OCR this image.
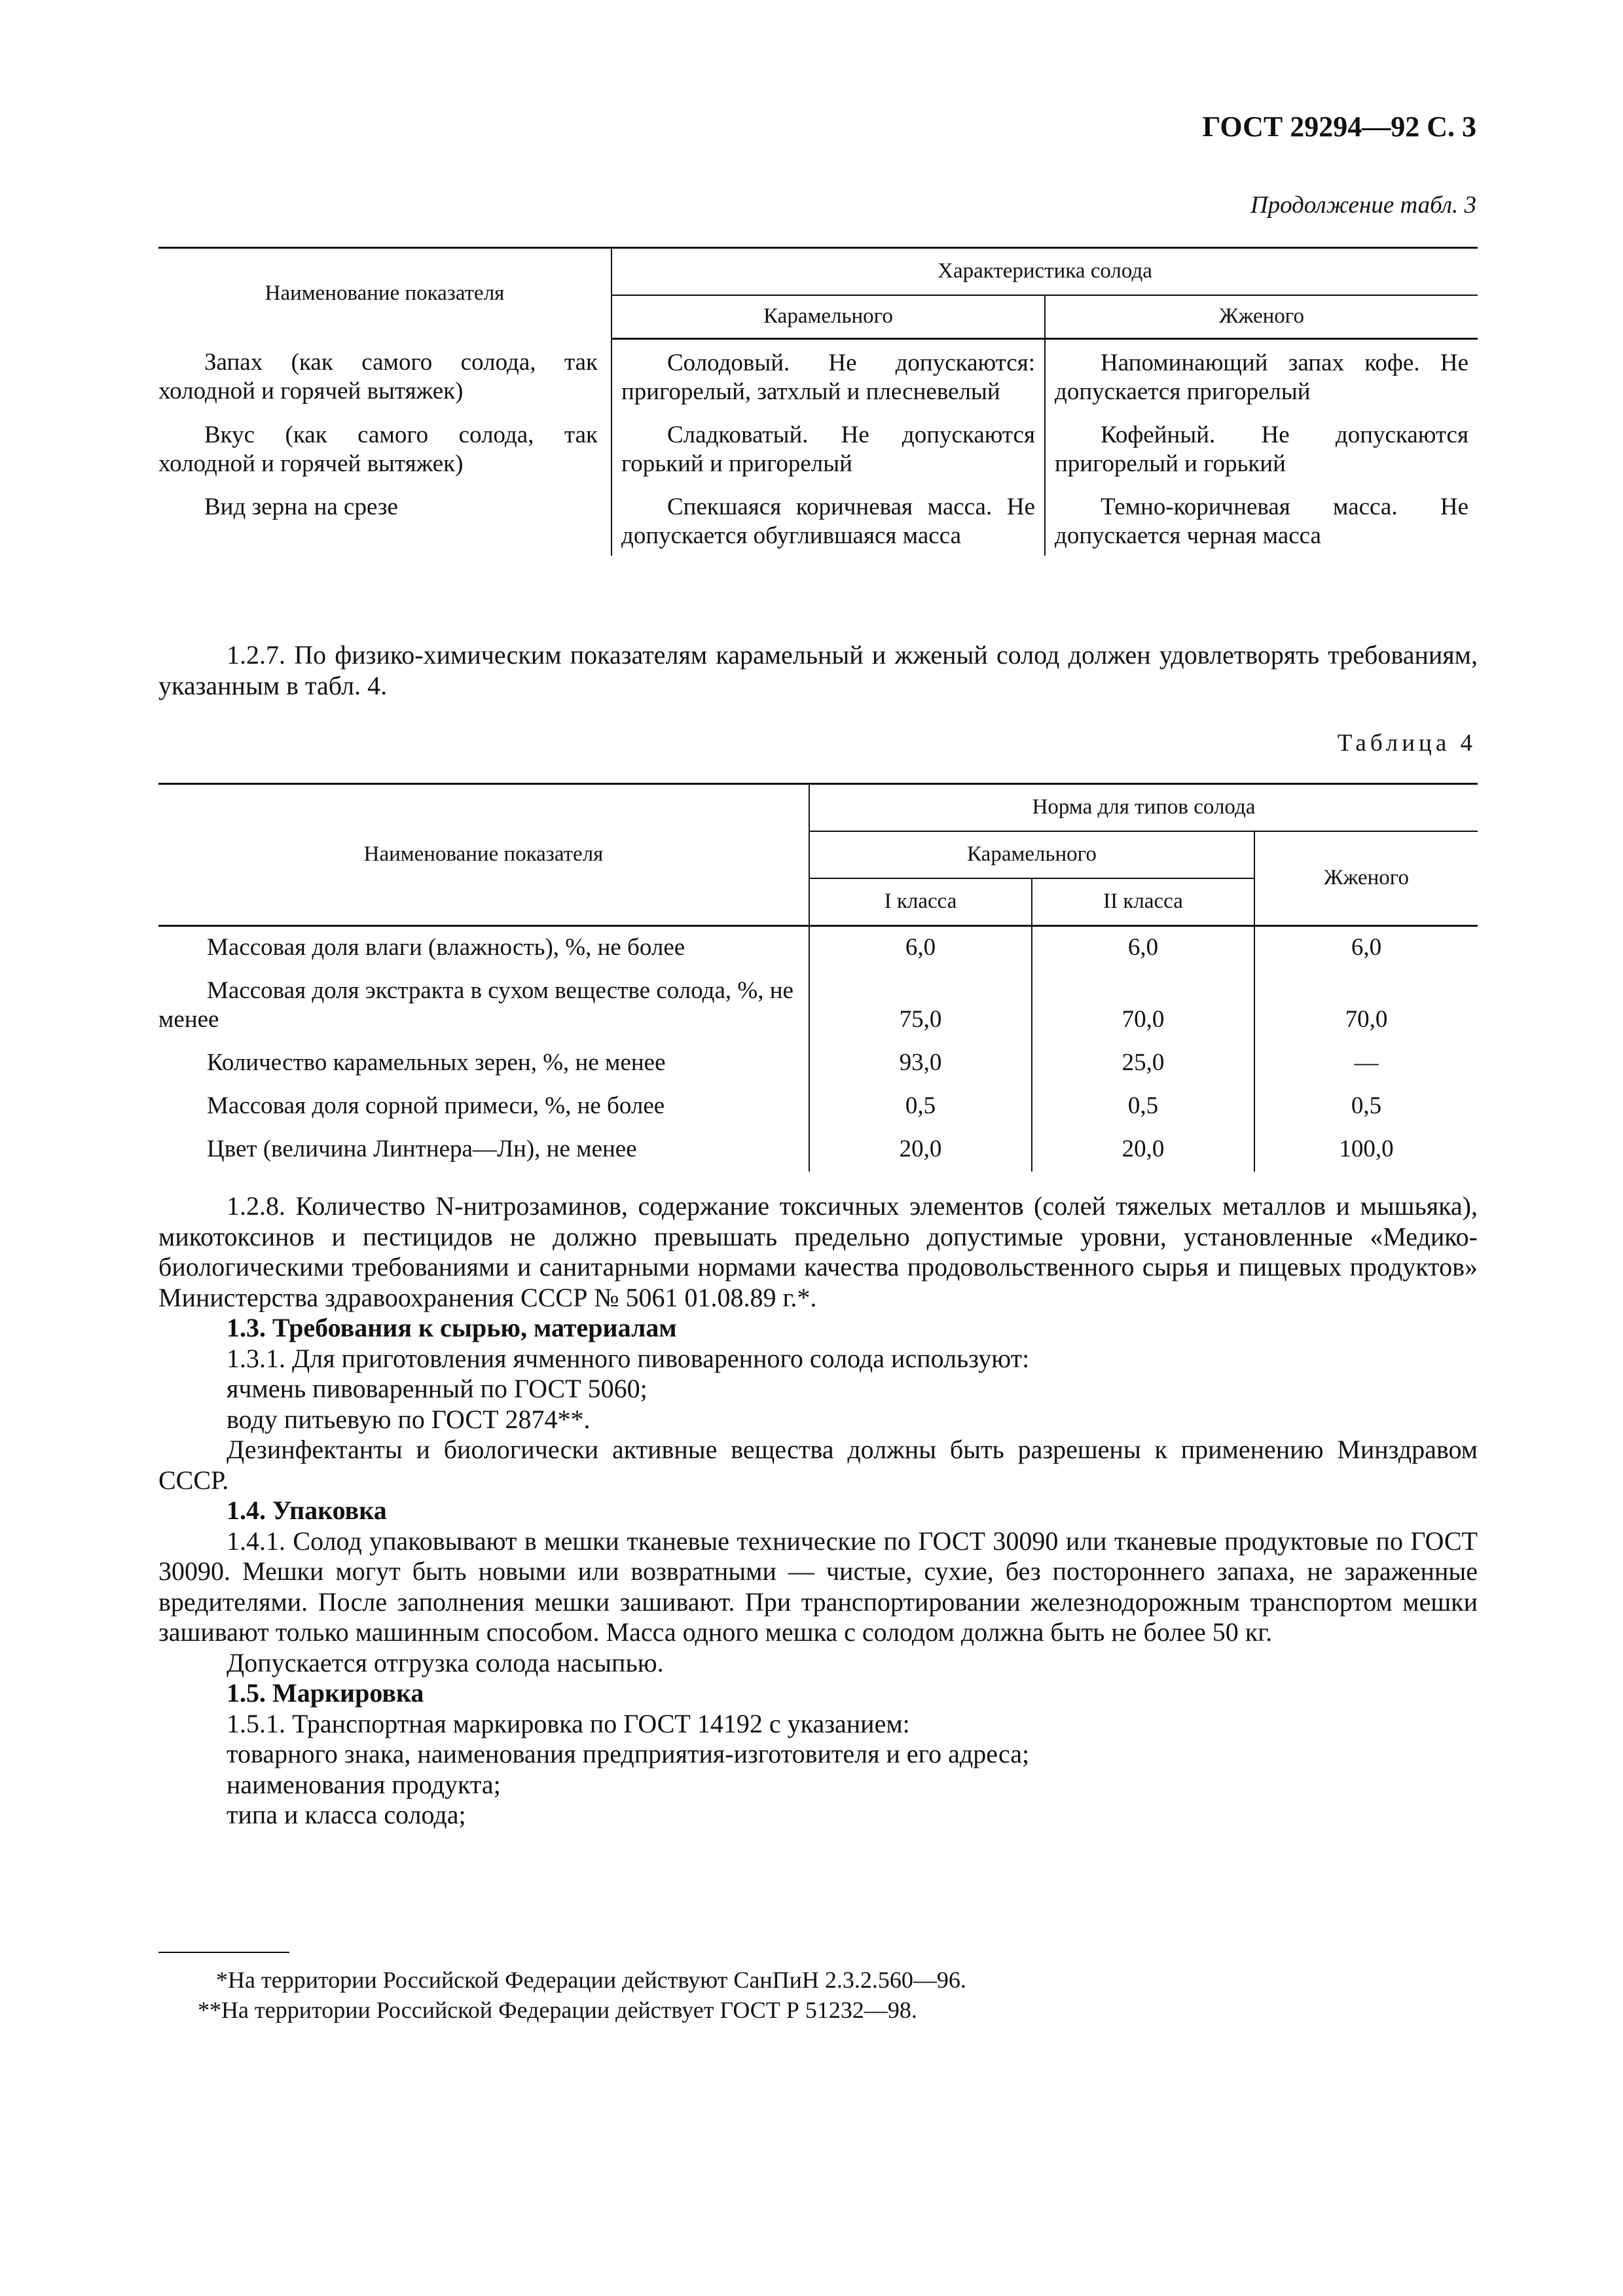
ГОСТ 29294—92 С. 3
Продолжение табл. 3
Наименование показателя	Характеристика солода	
	Карамельного	Жженого
Запах (как самого солода, так холодной и горячей вытяжек)	Солодовый. Не допускаются: пригорелый, затхлый и плесневелый	Напоминающий запах кофе. Не допускается пригорелый
Вкус (как самого солода, так холодной и горячей вытяжек)	Сладковатый. Не допускаются горький и пригорелый	Кофейный. Не допускаются пригорелый и горький
Вид зерна на срезе	Спекшаяся коричневая масса. Не допускается обуглившаяся масса	Темно-коричневая масса. Не допускается черная масса
1.2.7. По физико-химическим показателям карамельный и жженый солод должен удовлетворять требованиям, указанным в табл. 4.
Таблица 4
Наименование показателя	Норма для типов солода		
	Карамельного		Жженого
	I класса	II класса	

Массовая доля влаги (влажность), %, не более	6,0	6,0	6,0

Массовая доля экстракта в сухом веществе солода, %, не менее	75,0	70,0	70,0

Количество карамельных зерен, %, не менее	93,0	25,0	—

Массовая доля сорной примеси, %, не более	0,5	0,5	0,5

Цвет (величина Линтнера—Лн), не менее	20,0	20,0	100,0

1.2.8. Количество N-нитрозаминов, содержание токсичных элементов (солей тяжелых металлов и мышьяка), микотоксинов и пестицидов не должно превышать предельно допустимые уровни, установленные «Медико-биологическими требованиями и санитарными нормами качества продовольственного сырья и пищевых продуктов» Министерства здравоохранения СССР № 5061 01.08.89 г.*.

1.3. Требования к сырью, материалам

1.3.1. Для приготовления ячменного пивоваренного солода используют:

ячмень пивоваренный по ГОСТ 5060;

воду питьевую по ГОСТ 2874**.

Дезинфектанты и биологически активные вещества должны быть разрешены к применению Минздравом СССР.

1.4. Упаковка

1.4.1. Солод упаковывают в мешки тканевые технические по ГОСТ 30090 или тканевые продуктовые по ГОСТ 30090. Мешки могут быть новыми или возвратными — чистые, сухие, без постороннего запаха, не зараженные вредителями. После заполнения мешки зашивают. При транспортировании железнодорожным транспортом мешки зашивают только машинным способом. Масса одного мешка с солодом должна быть не более 50 кг.

Допускается отгрузка солода насыпью.

1.5. Маркировка

1.5.1. Транспортная маркировка по ГОСТ 14192 с указанием:

товарного знака, наименования предприятия-изготовителя и его адреса;

наименования продукта;

типа и класса солода;

*На территории Российской Федерации действуют СанПиН 2.3.2.560—96.
**На территории Российской Федерации действует ГОСТ Р 51232—98.
